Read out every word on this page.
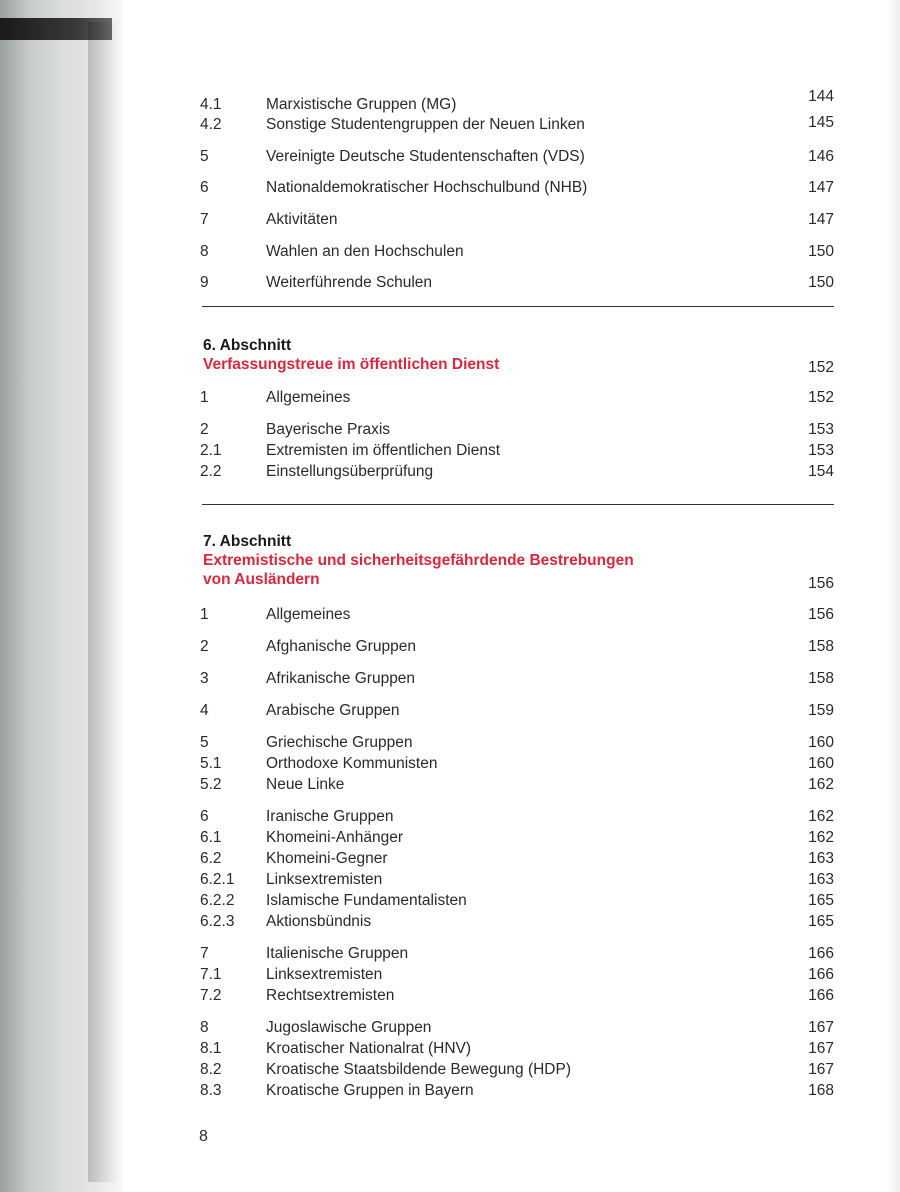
4.1	Marxistische Gruppen (MG)	144
4.2	Sonstige Studentengruppen der Neuen Linken	145
5	Vereinigte Deutsche Studentenschaften (VDS)	146
6	Nationaldemokratischer Hochschulbund (NHB)	147
7	Aktivitäten	147
8	Wahlen an den Hochschulen	150
9	Weiterführende Schulen	150
6. Abschnitt
Verfassungstreue im öffentlichen Dienst	152
1	Allgemeines	152
2	Bayerische Praxis	153
2.1	Extremisten im öffentlichen Dienst	153
2.2	Einstellungsüberprüfung	154
7. Abschnitt
Extremistische und sicherheitsgefährdende Bestrebungen
von Ausländern	156
1	Allgemeines	156
2	Afghanische Gruppen	158
3	Afrikanische Gruppen	158
4	Arabische Gruppen	159
5	Griechische Gruppen	160
5.1	Orthodoxe Kommunisten	160
5.2	Neue Linke	162
6	Iranische Gruppen	162
6.1	Khomeini-Anhänger	162
6.2	Khomeini-Gegner	163
6.2.1 Linksextremisten	163
6.2.2 Islamische Fundamentalisten	165
6.2.3 Aktionsbündnis	165
7	Italienische Gruppen	166
7.1	Linksextremisten	166
7.2	Rechtsextremisten	166
8	Jugoslawische Gruppen	167
8.1	Kroatischer Nationalrat (HNV)	167
8.2	Kroatische Staatsbildende Bewegung (HDP)	167
8.3	Kroatische Gruppen in Bayern	168
8
